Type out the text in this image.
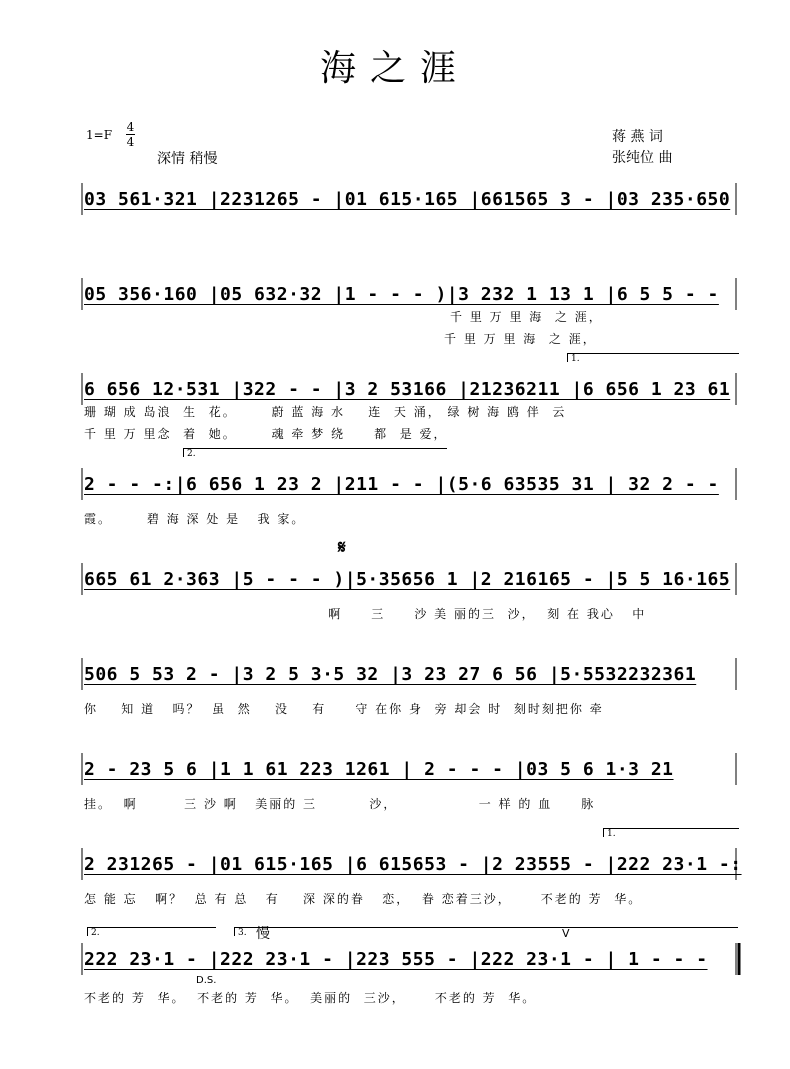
海之涯
1=F
4
4
深情 稍慢
蒋 燕 词
张纯位 曲
03 561·321 |2231265 - |01 615·165 |661565 3 - |03 235·650
05 356·160 |05 632·32 |1 - - - )|3 232 1 13 1 |6 5 5 - -
千 里 万 里 海  之 涯，
千 里 万 里 海  之 涯，
1.
6 656 12·531 |322 - - |3 2 53166 |21236211 |6 656 1 23 61
珊 瑚 成 岛浪  生  花。      蔚 蓝 海 水    连  天 涌， 绿 树 海 鸥 伴  云
千 里 万 里念  着  她。      魂 牵 梦 绕     都  是 爱，
2.
2 - - -:|6 656 1 23 2 |211 - - |(5·6 63535 31 | 32 2 - -
霞。      碧 海 深 处 是   我 家。
𝄋
665 61 2·363 |5 - - - )|5·35656 1 |2 216165 - |5 5 16·165
啊     三     沙 美 丽的三  沙，  刻 在 我心   中
506 5 53 2 - |3 2 5 3·5 32 |3 23 27 6 56 |5·5532232361
你    知 道   吗？  虽  然    没    有     守 在你 身  旁 却会 时  刻时刻把你 牵
2 - 23 5 6 |1 1 61 223 1261 | 2 - - - |03 5 6 1·3 21
挂。  啊        三 沙 啊   美丽的 三         沙，              一 样 的 血     脉
1.
2 231265 - |01 615·165 |6 615653 - |2 23555 - |222 23·1 -:
怎 能 忘   啊？  总 有 总   有    深 深的眷   恋，  眷 恋着三沙，     不老的 芳  华。
2.	3. 慢	V
D.S.
222 23·1 - |222 23·1 - |223 555 - |222 23·1 - | 1 - - -
不老的 芳  华。  不老的 芳  华。  美丽的  三沙，     不老的 芳  华。
